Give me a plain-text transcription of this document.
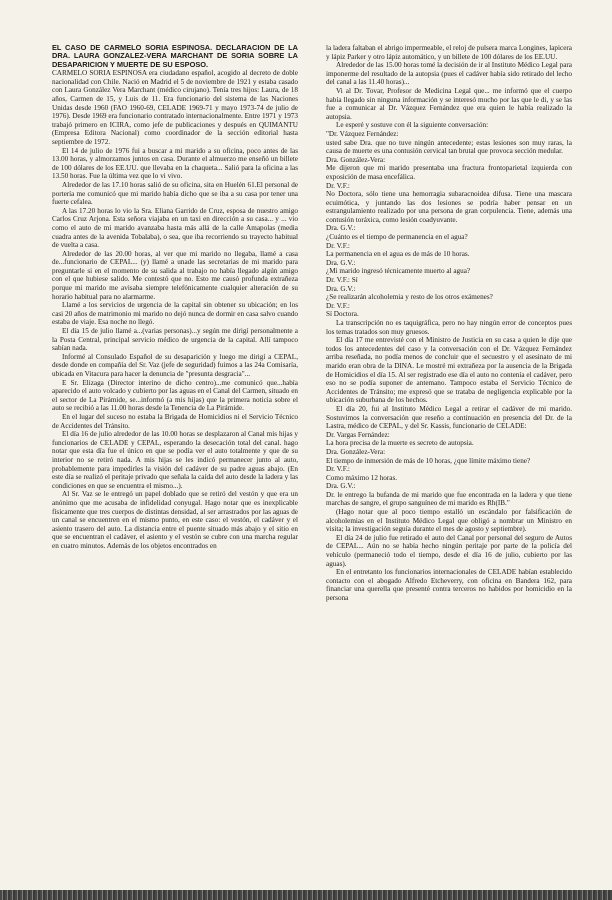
EL CASO DE CARMELO SORIA ESPINOSA. DECLARACION DE LA DRA. LAURA GONZALEZ-VERA MARCHANT DE SORIA SOBRE LA DESAPARICION Y MUERTE DE SU ESPOSO.

CARMELO SORIA ESPINOSA era ciudadano español, acogido al decreto de doble nacionalidad con Chile. Nació en Madrid el 5 de noviembre de 1921 y estaba casado con Laura González Vera Marchant (médico cirujano). Tenía tres hijos: Laura, de 18 años, Carmen de 15, y Luis de 11. Era funcionario del sistema de las Naciones Unidas desde 1960 (FAO 1960-69, CELADE 1969-71 y mayo 1973-74 de julio de 1976). Desde 1969 era funcionario contratado internacionalmente. Entre 1971 y 1973 trabajó primero en ICIRA, como jefe de publicaciones y después en QUIMANTU (Empresa Editora Nacional) como coordinador de la sección editorial hasta septiembre de 1972.

El 14 de julio de 1976 fui a buscar a mi marido a su oficina, poco antes de las 13.00 horas, y almorzamos juntos en casa. Durante el almuerzo me enseñó un billete de 100 dólares de los EE.UU. que llevaba en la chaqueta... Salió para la oficina a las 13.50 horas. Fue la última vez que lo vi vivo.

Alrededor de las 17.10 horas salió de su oficina, sita en Huelén 61.El personal de portería me comunicó que mi marido había dicho que se iba a su casa por tener una fuerte cefalea.

A las 17.20 horas lo vio la Sra. Eliana Garrido de Cruz, esposa de nuestro amigo Carlos Cruz Arjona. Esta señora viajaba en un taxi en dirección a su casa... y ... vio como el auto de mi marido avanzaba hasta más allá de la calle Amapolas (media cuadra antes de la avenida Tobalaba), o sea, que iba recorriendo su trayecto habitual de vuelta a casa.

Alrededor de las 20.00 horas, al ver que mi marido no llegaba, llamé a casa de...funcionario de CEPAL... (y) llamé a unade las secretarias de mi marido para preguntarle si en el momento de su salida al trabajo no había llegado algún amigo con el que hubiese salido. Me contestó que no. Esto me causó profunda extrañeza porque mi marido me avisaba siempre telefónicamente cualquier alteración de su horario habitual para no alarmarme.

Llamé a los servicios de urgencia de la capital sin obtener su ubicación; en los casi 20 años de matrimonio mi marido no dejó nunca de dormir en casa salvo cuando estaba de viaje. Esa noche no llegó.

El día 15 de julio llamé a...(varias personas)...y según me dirigí personalmente a la Posta Central, principal servicio médico de urgencia de la capital. Allí tampoco sabían nada.

Informé al Consulado Español de su desaparición y luego me dirigí a CEPAL, desde donde en compañía del Sr. Vaz (jefe de seguridad) fuimos a las 24a Comisaría, ubicada en Vitacura para hacer la denuncia de "presunta desgracia"...

E Sr. Elizaga (Director interino de dicho centro)...me comunicó que...había aparecido el auto volcado y cubierto por las aguas en el Canal del Carmen, situado en el sector de La Pirámide, se...informó (a mis hijas) que la primera noticia sobre el auto se recibió a las 11.00 horas desde la Tenencia de La Pirámide.

En el lugar del suceso no estaba la Brigada de Homicidios ni el Servicio Técnico de Accidentes del Tránsito.

El día 16 de julio alrededor de las 10.00 horas se desplazaron al Canal mis hijas y funcionarios de CELADE y CEPAL, esperando la desecación total del canal. hago notar que esta día fue el único en que se podía ver el auto totalmente y que de su interior no se retiró nada. A mis hijas se les indicó permanecer junto al auto, probablemente para impedirles la visión del cadáver de su padre aguas abajo. (En este día se realizó el peritaje privado que señala la caída del auto desde la ladera y las condiciones en que se encuentra el mismo...).

Al Sr. Vaz se le entregó un papel doblado que se retiró del vestón y que era un anónimo que me acusaba de infidelidad conyugal. Hago notar que es inexplicable físicamente que tres cuerpos de distintas densidad, al ser arrastrados por las aguas de un canal se encuentren en el mismo punto, en este caso: el vestón, el cadáver y el asiento trasero del auto. La distancia entre el puente situado más abajo y el sitio en que se encuentran el cadáver, el asiento y el vestón se cubre con una marcha regular en cuatro minutos. Además de los objetos encontrados en

la ladera faltaban el abrigo impermeable, el reloj de pulsera marca Longines, lapicera y lápiz Parker y otro lápiz automático, y un billete de 100 dólares de los EE.UU.

Alrededor de las 15.00 horas tomé la decisión de ir al Instituto Médico Legal para imponerme del resultado de la autopsia (pues el cadáver había sido retirado del lecho del canal a las 11.40 horas)...

Vi al Dr. Tovar, Profesor de Medicina Legal que... me informó que el cuerpo había llegado sin ninguna información y se interesó mucho por las que le di, y se las fue a comunicar al Dr. Vázquez Fernández que era quien le había realizado la autopsia.

Le esperé y sostuve con él la siguiente conversación:

"Dr. Vázquez Fernández:

usted sabe Dra. que no tuve ningún antecedente; estas lesiones son muy raras, la causa de muerte es una contusión cervical tan brutal que provoca sección medular.

Dra. González-Vera:

Me dijeron que mi marido presentaba una fractura frontoparietal izquierda con exposición de masa encefálica.

Dr. V.F.:

No Doctora, sólo tiene una hemorragia subaracnoidea difusa. Tiene una mascara ecuimótica, y juntando las dos lesiones se podría haber pensar en un estrangulamiento realizado por una persona de gran corpulencia. Tiene, además una contusión toráxica, como lesión coadyuvante.

Dra. G.V.:

¿Cuánto es el tiempo de permanencia en el agua?

Dr. V.F.:

La permanencia en el agua es de más de 10 horas.

Dra. G.V.:

¿Mi marido ingresó técnicamente muerto al agua?

Dr. V.F.: Sí

Dra. G.V.:

¿Se realizarán alcoholemia y resto de los otros exámenes?

Dr. V.F.:

Sí Doctora.

La transcripción no es taquigráfica, pero no hay ningún error de conceptos pues los temas tratados son muy gruesos.

El día 17 me entrevisté con el Ministro de Justicia en su casa a quien le dije que todos los antecedentes del caso y la conversación con el Dr. Vázquez Fernández arriba reseñada, no podía menos de concluir que el secuestro y el asesinato de mi marido eran obra de la DINA. Le mostré mi extrañeza por la ausencia de la Brigada de Homicidios el día 15. Al ser registrado ese día el auto no contenía el cadáver, pero eso no se podía suponer de antemano. Tampoco estaba el Servicio Técnico de Accidentes de Tránsito; me expresó que se trataba de negligencia explicable por la ubicación suburbana de los hechos.

El día 20, fui al Instituto Médico Legal a retirar el cadáver de mi marido. Sostuvimos la conversación que reseño a continuación en presencia del Dr. de la Lastra, médico de CEPAL, y del Sr. Kassis, funcionario de CELADE:

Dr. Vargas Fernández:

La hora precisa de la muerte es secreto de autopsia.

Dra. González-Vera:

El tiempo de inmersión de más de 10 horas, ¿que límite máximo tiene?

Dr. V.F.:

Como máximo 12 horas.

Dra. G.V.:

Dr. le entrego la bufanda de mi marido que fue encontrada en la ladera y que tiene marchas de sangre, el grupo sanguíneo de mi marido es Rh(IB."

(Hago notar que al poco tiempo estalló un escándalo por falsificación de alcoholemias en el Instituto Médico Legal que obligó a nombrar un Ministro en visita; la investigación seguía durante el mes de agosto y septiembre).

El día 24 de julio fue retirado el auto del Canal por personal del seguro de Autos de CEPAL... Aún no se había hecho ningún peritaje por parte de la policía del vehículo (permaneció todo el tiempo, desde el día 16 de julio, cubierto por las aguas).

En el entretanto los funcionarios internacionales de CELADE habían establecido contacto con el abogado Alfredo Etcheverry, con oficina en Bandera 162, para financiar una querella que presenté contra terceros no habidos por homicidio en la persona
